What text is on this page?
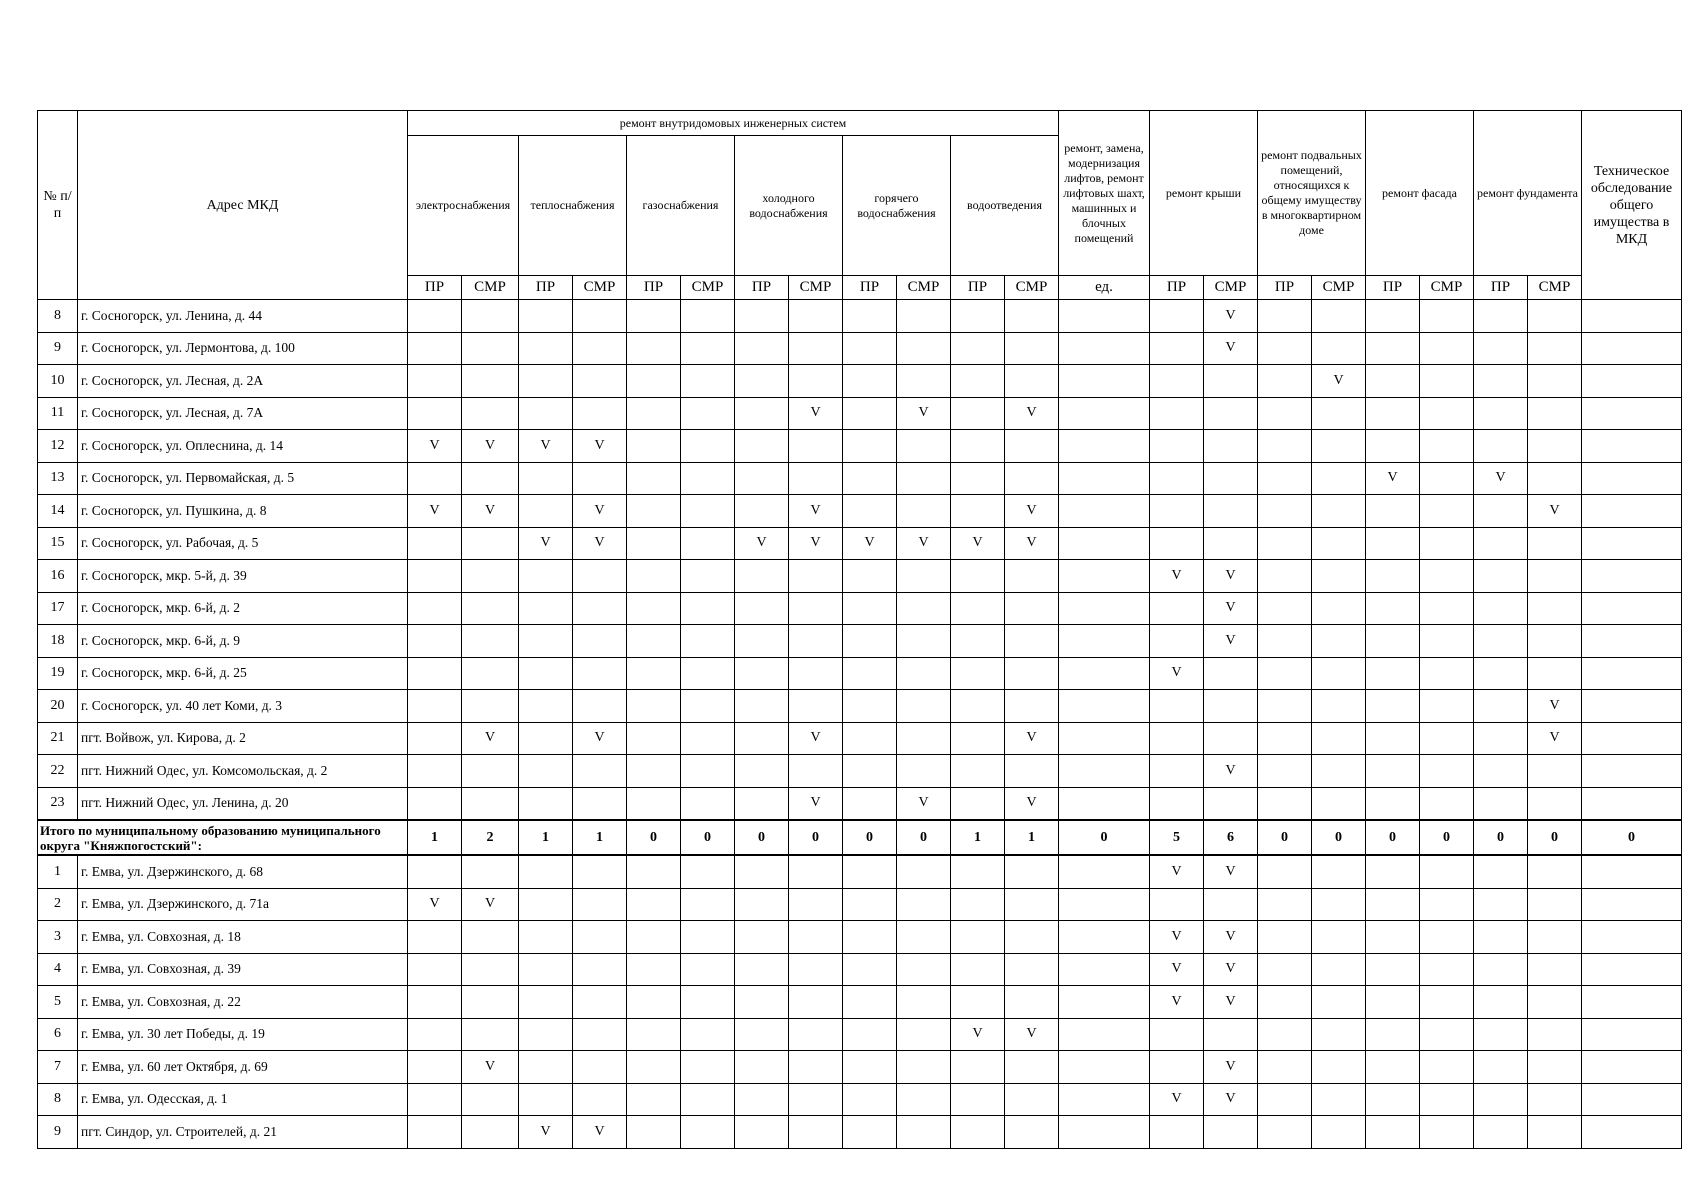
№ п/п	Адрес МКД	ремонт внутридомовых инженерных систем												ремонт, замена, модернизация лифтов, ремонт лифтовых шахт, машинных и блочных помещений	ремонт крыши		ремонт подвальных помещений, относящихся к общему имуществу в многоквартирном доме		ремонт фасада		ремонт фундамента		Техническое обследование общего имущества в МКД

		электроснабжения		теплоснабжения		газоснабжения		холодного водоснабжения		горячего водоснабжения		водоотведения											
		ПР	СМР	ПР	СМР	ПР	СМР	ПР	СМР	ПР	СМР	ПР	СМР	ед.	ПР	СМР	ПР	СМР	ПР	СМР	ПР	СМР	
8	г. Сосногорск, ул. Ленина, д. 44															V							
9	г. Сосногорск, ул. Лермонтова, д. 100															V							
10	г. Сосногорск, ул. Лесная, д. 2А																	V					
11	г. Сосногорск, ул. Лесная, д. 7А								V		V		V										
12	г. Сосногорск, ул. Оплеснина, д. 14	V	V	V	V																		
13	г. Сосногорск, ул. Первомайская, д. 5																		V		V		
14	г. Сосногорск, ул. Пушкина, д. 8	V	V		V				V				V									V	
15	г. Сосногорск, ул. Рабочая, д. 5			V	V			V	V	V	V	V	V										
16	г. Сосногорск, мкр. 5-й, д. 39														V	V							
17	г. Сосногорск, мкр. 6-й, д. 2															V							
18	г. Сосногорск, мкр. 6-й, д. 9															V							
19	г. Сосногорск, мкр. 6-й, д. 25														V								
20	г. Сосногорск, ул. 40 лет Коми, д. 3																					V	
21	пгт. Войвож, ул. Кирова, д. 2		V		V				V				V									V	
22	пгт. Нижний Одес, ул. Комсомольская, д. 2															V							
23	пгт. Нижний Одес, ул. Ленина, д. 20								V		V		V										
Итого по муниципальному образованию муниципального округа "Княжпогостский":		1	2	1	1	0	0	0	0	0	0	1	1	0	5	6	0	0	0	0	0	0	0
1	г. Емва, ул. Дзержинского, д. 68														V	V							
2	г. Емва, ул. Дзержинского, д. 71а	V	V																				
3	г. Емва, ул. Совхозная, д. 18														V	V							
4	г. Емва, ул. Совхозная, д. 39														V	V							
5	г. Емва, ул. Совхозная, д. 22														V	V							
6	г. Емва, ул. 30 лет Победы, д. 19											V	V										
7	г. Емва, ул. 60 лет Октября, д. 69		V													V							
8	г. Емва, ул. Одесская, д. 1														V	V							
9	пгт. Синдор, ул. Строителей, д. 21			V	V																		
